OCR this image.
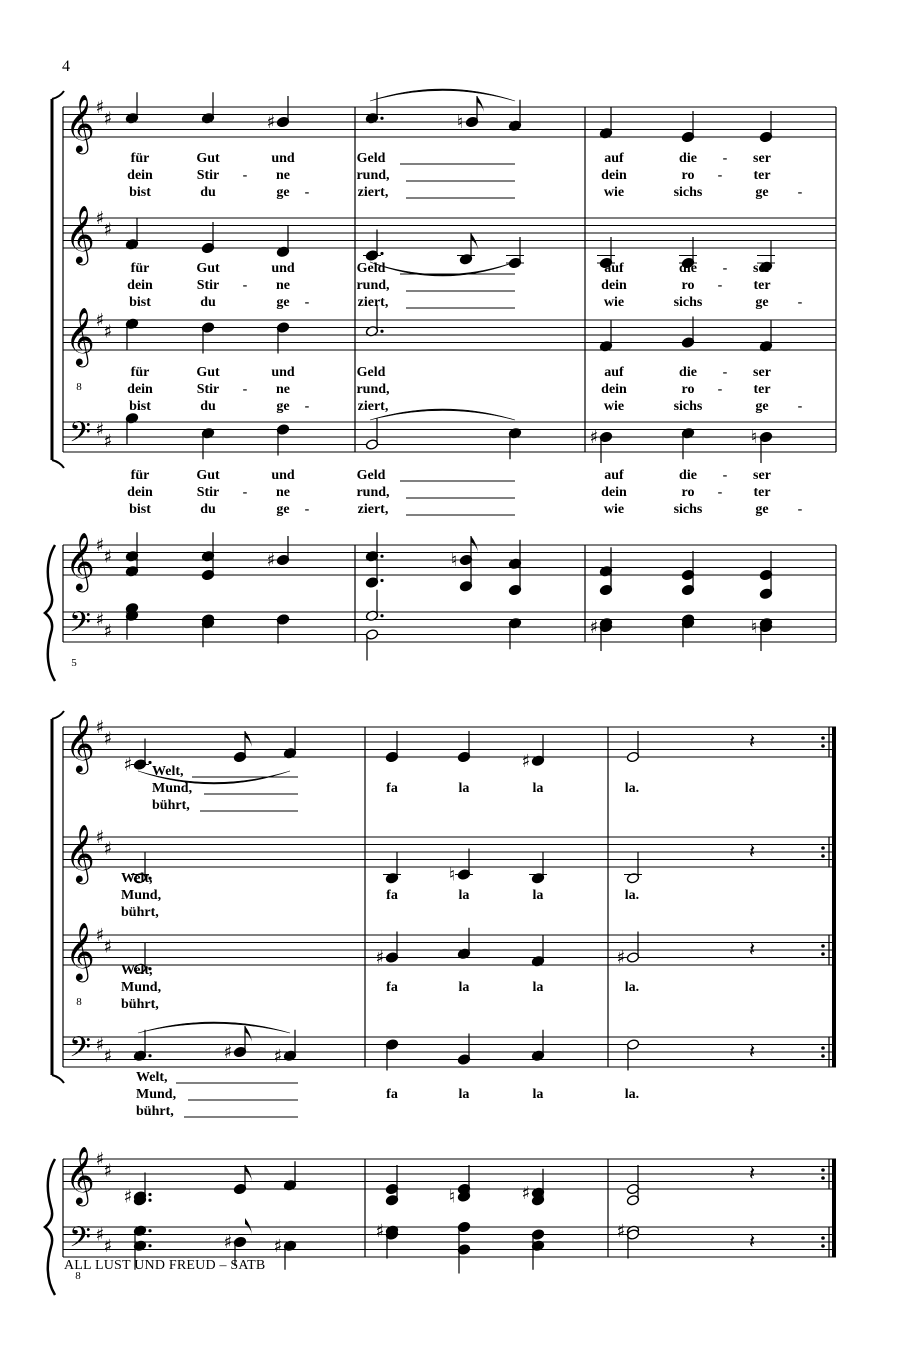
4
𝄞 ♯
♯
𝄞 ♯
♯
𝄞 ♯
♯
𝄢 ♯
♯
𝄞 ♯
♯
𝄢 ♯
♯
8
5
♯	♮
♯	♮
♯	♮
♯	♮
für	Gut	und	Geld	auf	die	ser
dein	Stir - ne	rund,	dein	ro - ter
bist	du	ge -	ziert,	wie	sichs	ge -
für	Gut	und	Geld	auf	die	ser
dein	Stir - ne	rund,	dein	ro - ter
bist	du	ge -	ziert,	wie	sichs	ge -
für	Gut	und	Geld	auf	die	ser
dein	Stir - ne	rund,	dein	ro - ter
bist	du	ge -	ziert,	wie	sichs	ge -
für	Gut	und	Geld	auf	die	ser
dein	Stir - ne	rund,	dein	ro - ter
bist	du	ge -	ziert,	wie	sichs	ge -
-
-
-
-
𝄞 ♯
♯
𝄞 ♯
♯
𝄞 ♯
♯
𝄢 ♯
♯
𝄞 ♯
♯
𝄢 ♯
♯
8
8
♯	♯
𝄽
♮
𝄽
♯	♯	𝄽
♯ ♯	𝄽
♯	♮	♯
𝄽
♯ ♯
♯	♯	𝄽
Welt,
Mund,	fa	la	la	la.
bührt,
Welt,
Mund,	fa	la	la	la.
bührt,
Welt,
Mund,	fa	la	la	la.
bührt,
Welt,
Mund,	fa	la	la	la.
bührt,
ALL LUST UND FREUD – SATB
